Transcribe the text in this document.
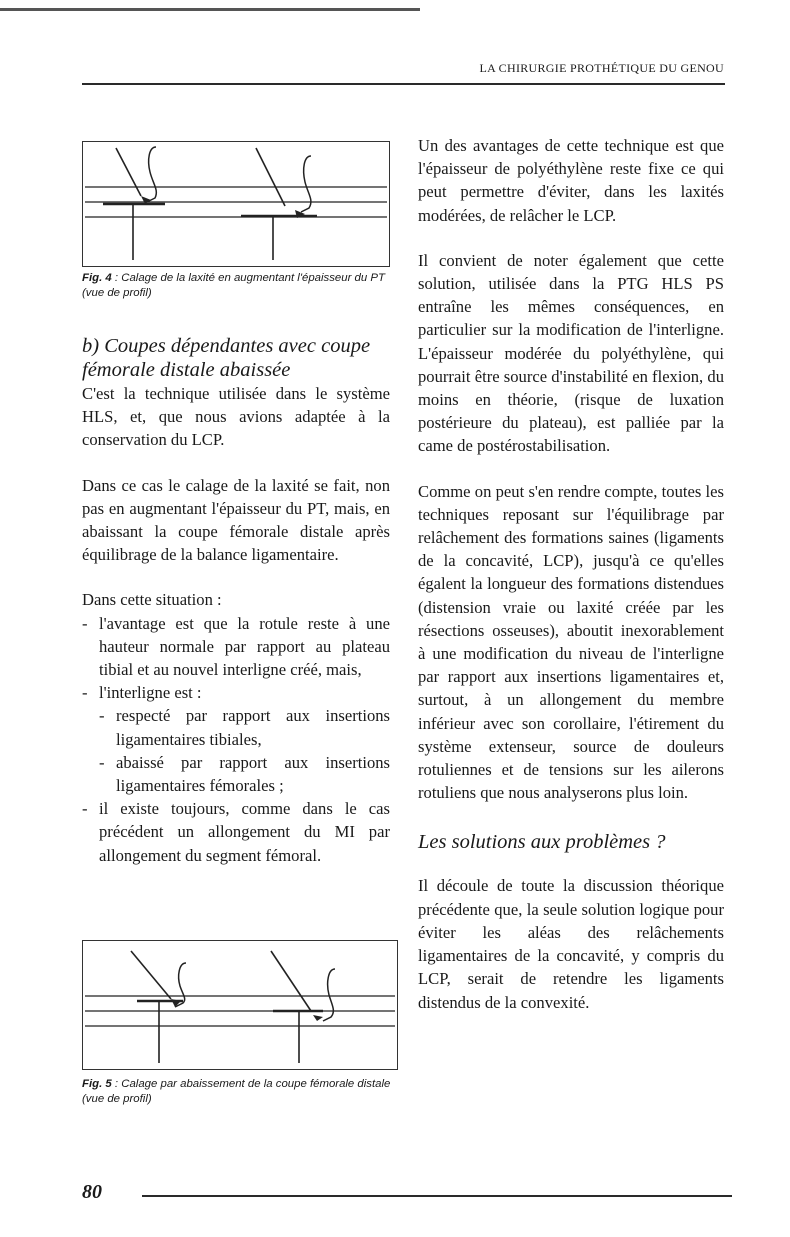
LA CHIRURGIE PROTHÉTIQUE DU GENOU
Fig. 4 : Calage de la laxité en augmentant l'épaisseur du PT (vue de profil)

b) Coupes dépendantes avec coupe fémorale distale abaissée

C'est la technique utilisée dans le système HLS, et, que nous avions adaptée à la conservation du LCP.

Dans ce cas le calage de la laxité se fait, non pas en augmentant l'épaisseur du PT, mais, en abaissant la coupe fémorale distale après équilibrage de la balance ligamentaire.

Dans cette situation :

- l'avantage est que la rotule reste à une hauteur normale par rapport au plateau tibial et au nouvel interligne créé, mais,
- l'interligne est :
- respecté par rapport aux insertions ligamentaires tibiales,
- abaissé par rapport aux insertions ligamentaires fémorales ;
- il existe toujours, comme dans le cas précédent un allongement du MI par allongement du segment fémoral.
Fig. 5 : Calage par abaissement de la coupe fémorale distale (vue de profil)

Un des avantages de cette technique est que l'épaisseur de polyéthylène reste fixe ce qui peut permettre d'éviter, dans les laxités modérées, de relâcher le LCP.

Il convient de noter également que cette solution, utilisée dans la PTG HLS PS entraîne les mêmes conséquences, en particulier sur la modification de l'interligne. L'épaisseur modérée du polyéthylène, qui pourrait être source d'instabilité en flexion, du moins en théorie, (risque de luxation postérieure du plateau), est palliée par la came de postérostabilisation.

Comme on peut s'en rendre compte, toutes les techniques reposant sur l'équilibrage par relâchement des formations saines (ligaments de la concavité, LCP), jusqu'à ce qu'elles égalent la longueur des formations distendues (distension vraie ou laxité créée par les résections osseuses), aboutit inexorablement à une modification du niveau de l'interligne par rapport aux insertions ligamentaires et, surtout, à un allongement du membre inférieur avec son corollaire, l'étirement du système extenseur, source de douleurs rotuliennes et de tensions sur les ailerons rotuliens que nous analyserons plus loin.

Les solutions aux problèmes ?

Il découle de toute la discussion théorique précédente que, la seule solution logique pour éviter les aléas des relâchements ligamentaires de la concavité, y compris du LCP, serait de retendre les ligaments distendus de la convexité.

80
